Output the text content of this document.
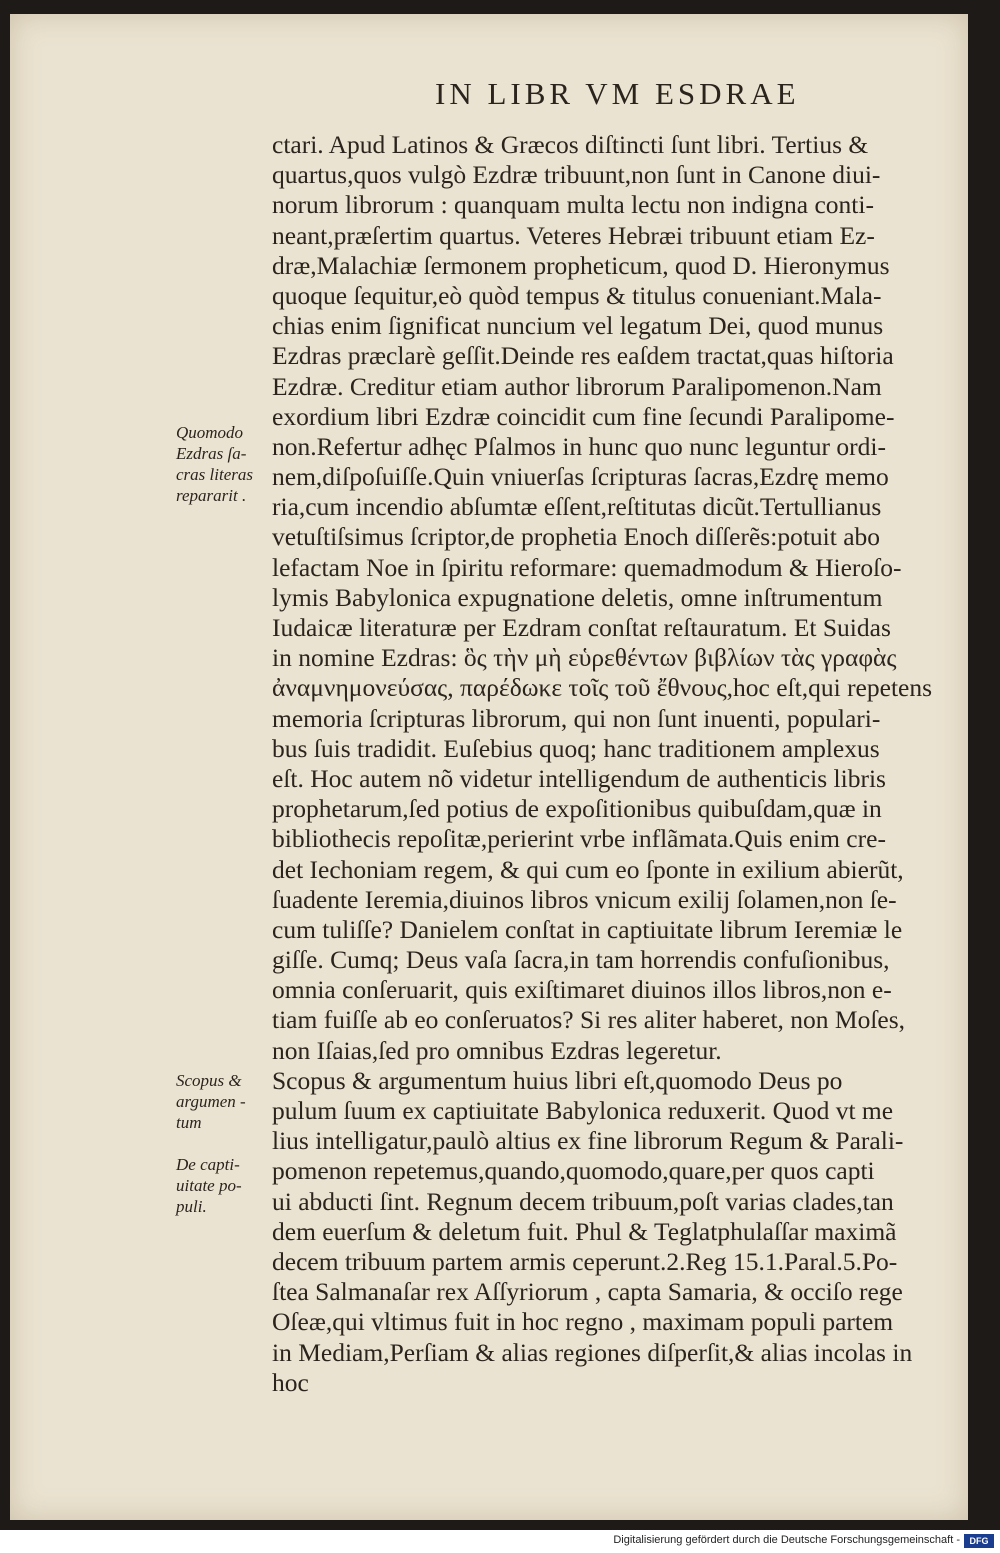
IN LIBR VM ESDRAE
ctari. Apud Latinos & Græcos diſtincti ſunt libri. Tertius &
quartus,quos vulgò Ezdræ tribuunt,non ſunt in Canone diui-
norum librorum : quanquam multa lectu non indigna conti-
neant,præſertim quartus. Veteres Hebræi tribuunt etiam Ez-
dræ,Malachiæ ſermonem propheticum, quod D. Hieronymus
quoque ſequitur,eò quòd tempus & titulus conueniant.Mala-
chias enim ſignificat nuncium vel legatum Dei, quod munus
Ezdras præclarè geſſit.Deinde res eaſdem tractat,quas hiſtoria
Ezdræ. Creditur etiam author librorum Paralipomenon.Nam
exordium libri Ezdræ coincidit cum fine ſecundi Paralipome-
non.Refertur adhęc Pſalmos in hunc quo nunc leguntur ordi-
nem,diſpoſuiſſe.Quin vniuerſas ſcripturas ſacras,Ezdrę memo
ria,cum incendio abſumtæ eſſent,reſtitutas dicũt.Tertullianus
vetuſtiſsimus ſcriptor,de prophetia Enoch diſſerẽs:potuit abo
lefactam Noe in ſpiritu reformare: quemadmodum & Hieroſo-
lymis Babylonica expugnatione deletis, omne inſtrumentum
Iudaicæ literaturæ per Ezdram conſtat reſtauratum. Et Suidas
in nomine Ezdras: ὃς τὴν μὴ εὑρεθέντων βιβλίων τὰς γραφὰς
ἀναμνημονεύσας, παρέδωκε τοῖς τοῦ ἔθνους,hoc eſt,qui repetens
memoria ſcripturas librorum, qui non ſunt inuenti, populari-
bus ſuis tradidit. Euſebius quoq; hanc traditionem amplexus
eſt. Hoc autem nõ videtur intelligendum de authenticis libris
prophetarum,ſed potius de expoſitionibus quibuſdam,quæ in
bibliothecis repoſitæ,perierint vrbe inflãmata.Quis enim cre-
det Iechoniam regem, & qui cum eo ſponte in exilium abierũt,
ſuadente Ieremia,diuinos libros vnicum exilij ſolamen,non ſe-
cum tuliſſe? Danielem conſtat in captiuitate librum Ieremiæ le
giſſe. Cumq; Deus vaſa ſacra,in tam horrendis confuſionibus,
omnia conſeruarit, quis exiſtimaret diuinos illos libros,non e-
tiam fuiſſe ab eo conſeruatos? Si res aliter haberet, non Moſes,
non Iſaias,ſed pro omnibus Ezdras legeretur.
Scopus & argumentum huius libri eſt,quomodo Deus po
pulum ſuum ex captiuitate Babylonica reduxerit. Quod vt me
lius intelligatur,paulò altius ex fine librorum Regum & Parali-
pomenon repetemus,quando,quomodo,quare,per quos capti
ui abducti ſint. Regnum decem tribuum,poſt varias clades,tan
dem euerſum & deletum fuit. Phul & Teglatphulaſſar maximã
decem tribuum partem armis ceperunt.2.Reg 15.1.Paral.5.Po-
ſtea Salmanaſar rex Aſſyriorum , capta Samaria, & occiſo rege
Oſeæ,qui vltimus fuit in hoc regno , maximam populi partem
in Mediam,Perſiam & alias regiones diſperſit,& alias incolas in
hoc
Quomodo
Ezdras ſa-
cras literas
repararit .
Scopus &
argumen -
tum
De capti-
uitate po-
puli.
Digitalisierung gefördert durch die Deutsche Forschungsgemeinschaft -	DFG
